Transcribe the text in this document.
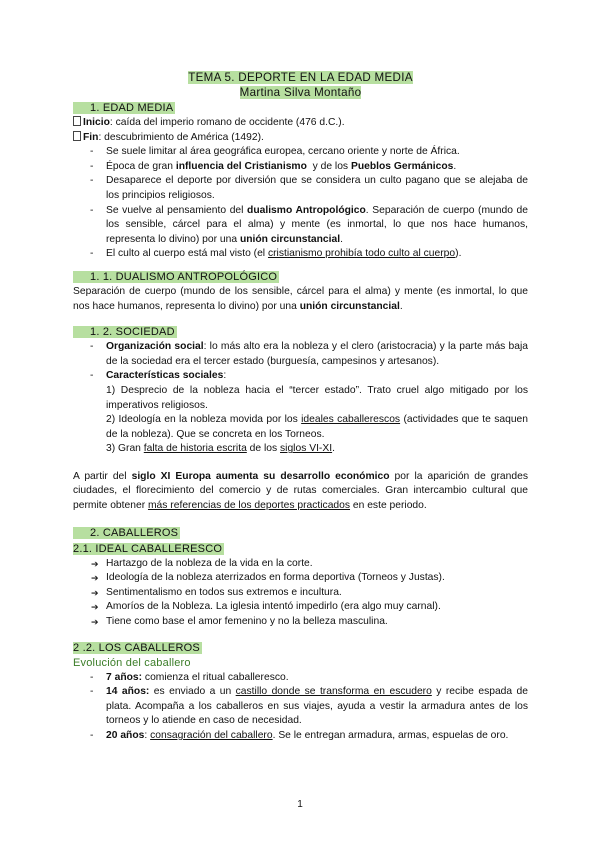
TEMA 5. DEPORTE EN LA EDAD MEDIA
Martina Silva Montaño
1. EDAD MEDIA

Inicio: caída del imperio romano de occidente (476 d.C.).

Fin: descubrimiento de América (1492).

- Se suele limitar al área geográfica europea, cercano oriente y norte de África.
- Época de gran influencia del Cristianismo  y de los Pueblos Germánicos.
- Desaparece el deporte por diversión que se considera un culto pagano que se alejaba de los principios religiosos.
- Se vuelve al pensamiento del dualismo Antropológico. Separación de cuerpo (mundo de los sensible, cárcel para el alma) y mente (es inmortal, lo que nos hace humanos, representa lo divino) por una unión circunstancial.
- El culto al cuerpo está mal visto (el cristianismo prohibía todo culto al cuerpo).
1. 1. DUALISMO ANTROPOLÓGICO

Separación de cuerpo (mundo de los sensible, cárcel para el alma) y mente (es inmortal, lo que nos hace humanos, representa lo divino) por una unión circunstancial.

1. 2. SOCIEDAD
- Organización social: lo más alto era la nobleza y el clero (aristocracia) y la parte más baja de la sociedad era el tercer estado (burguesía, campesinos y artesanos).
- Características sociales:
1) Desprecio de la nobleza hacia el “tercer estado”. Trato cruel algo mitigado por los imperativos religiosos.
2) Ideología en la nobleza movida por los ideales caballerescos (actividades que te saquen de la nobleza). Que se concreta en los Torneos.
3) Gran falta de historia escrita de los siglos VI-XI.

A partir del siglo XI Europa aumenta su desarrollo económico por la aparición de grandes ciudades, el florecimiento del comercio y de rutas comerciales. Gran intercambio cultural que permite obtener más referencias de los deportes practicados en este periodo.

2. CABALLEROS
2.1. IDEAL CABALLERESCO
➔ Hartazgo de la nobleza de la vida en la corte.
➔ Ideología de la nobleza aterrizados en forma deportiva (Torneos y Justas).
➔ Sentimentalismo en todos sus extremos e incultura.
➔ Amoríos de la Nobleza. La iglesia intentó impedirlo (era algo muy carnal).
➔ Tiene como base el amor femenino y no la belleza masculina.
2 .2. LOS CABALLEROS
Evolución del caballero
- 7 años: comienza el ritual caballeresco.
- 14 años: es enviado a un castillo donde se transforma en escudero y recibe espada de plata. Acompaña a los caballeros en sus viajes, ayuda a vestir la armadura antes de los torneos y lo atiende en caso de necesidad.
- 20 años: consagración del caballero. Se le entregan armadura, armas, espuelas de oro.
1
